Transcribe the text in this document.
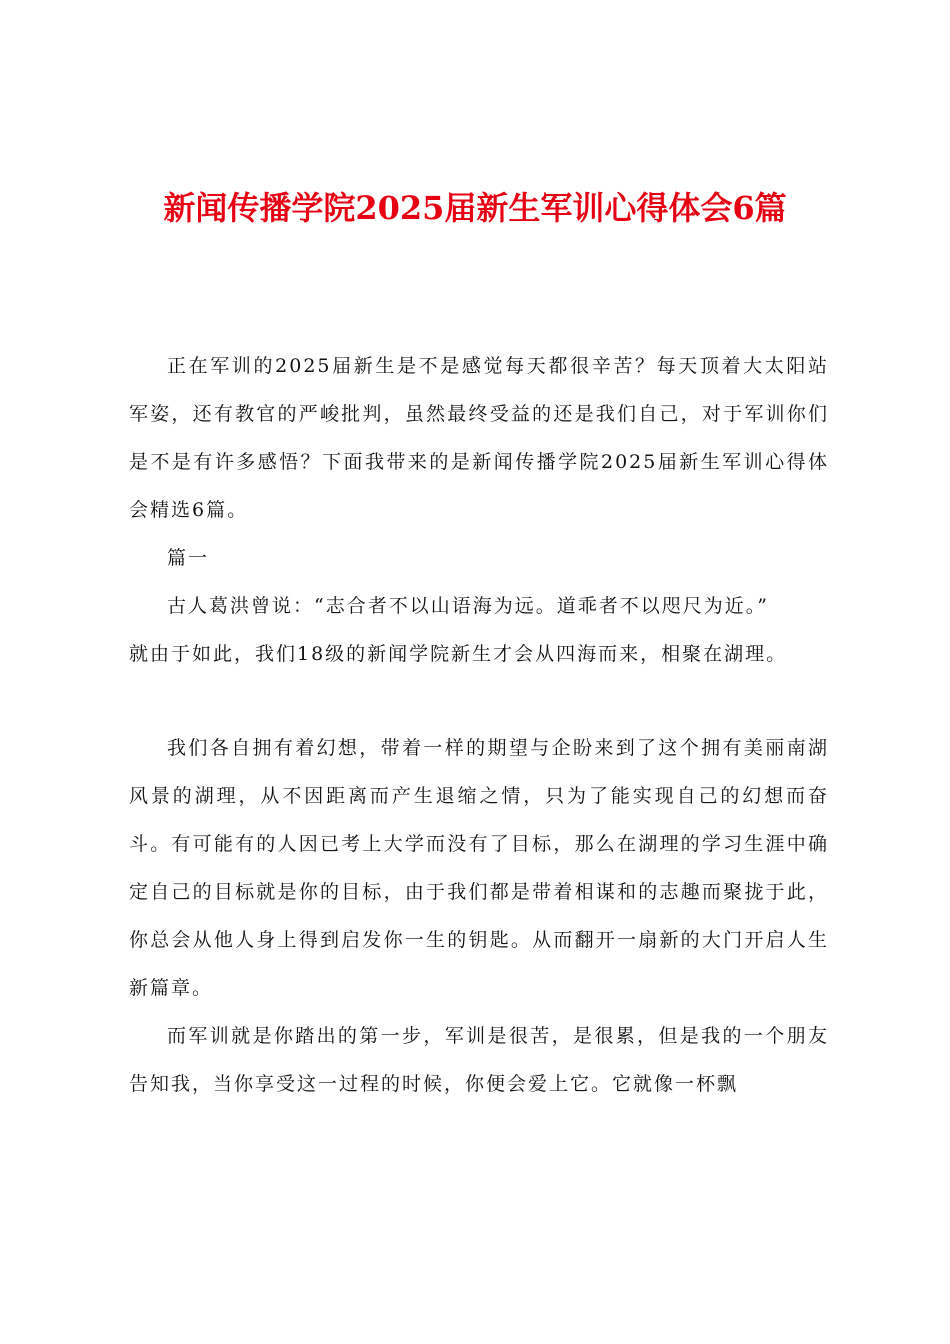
新闻传播学院2025届新生军训心得体会6篇

正在军训的2025届新生是不是感觉每天都很辛苦？每天顶着大太阳站军姿，还有教官的严峻批判，虽然最终受益的还是我们自己，对于军训你们是不是有许多感悟？下面我带来的是新闻传播学院2025届新生军训心得体会精选6篇。

篇一

古人葛洪曾说：“志合者不以山语海为远。道乖者不以咫尺为近。”

就由于如此，我们18级的新闻学院新生才会从四海而来，相聚在湖理。

我们各自拥有着幻想，带着一样的期望与企盼来到了这个拥有美丽南湖风景的湖理，从不因距离而产生退缩之情，只为了能实现自己的幻想而奋斗。有可能有的人因已考上大学而没有了目标，那么在湖理的学习生涯中确定自己的目标就是你的目标，由于我们都是带着相谋和的志趣而聚拢于此，你总会从他人身上得到启发你一生的钥匙。从而翻开一扇新的大门开启人生新篇章。

而军训就是你踏出的第一步，军训是很苦，是很累，但是我的一个朋友告知我，当你享受这一过程的时候，你便会爱上它。它就像一杯飘
